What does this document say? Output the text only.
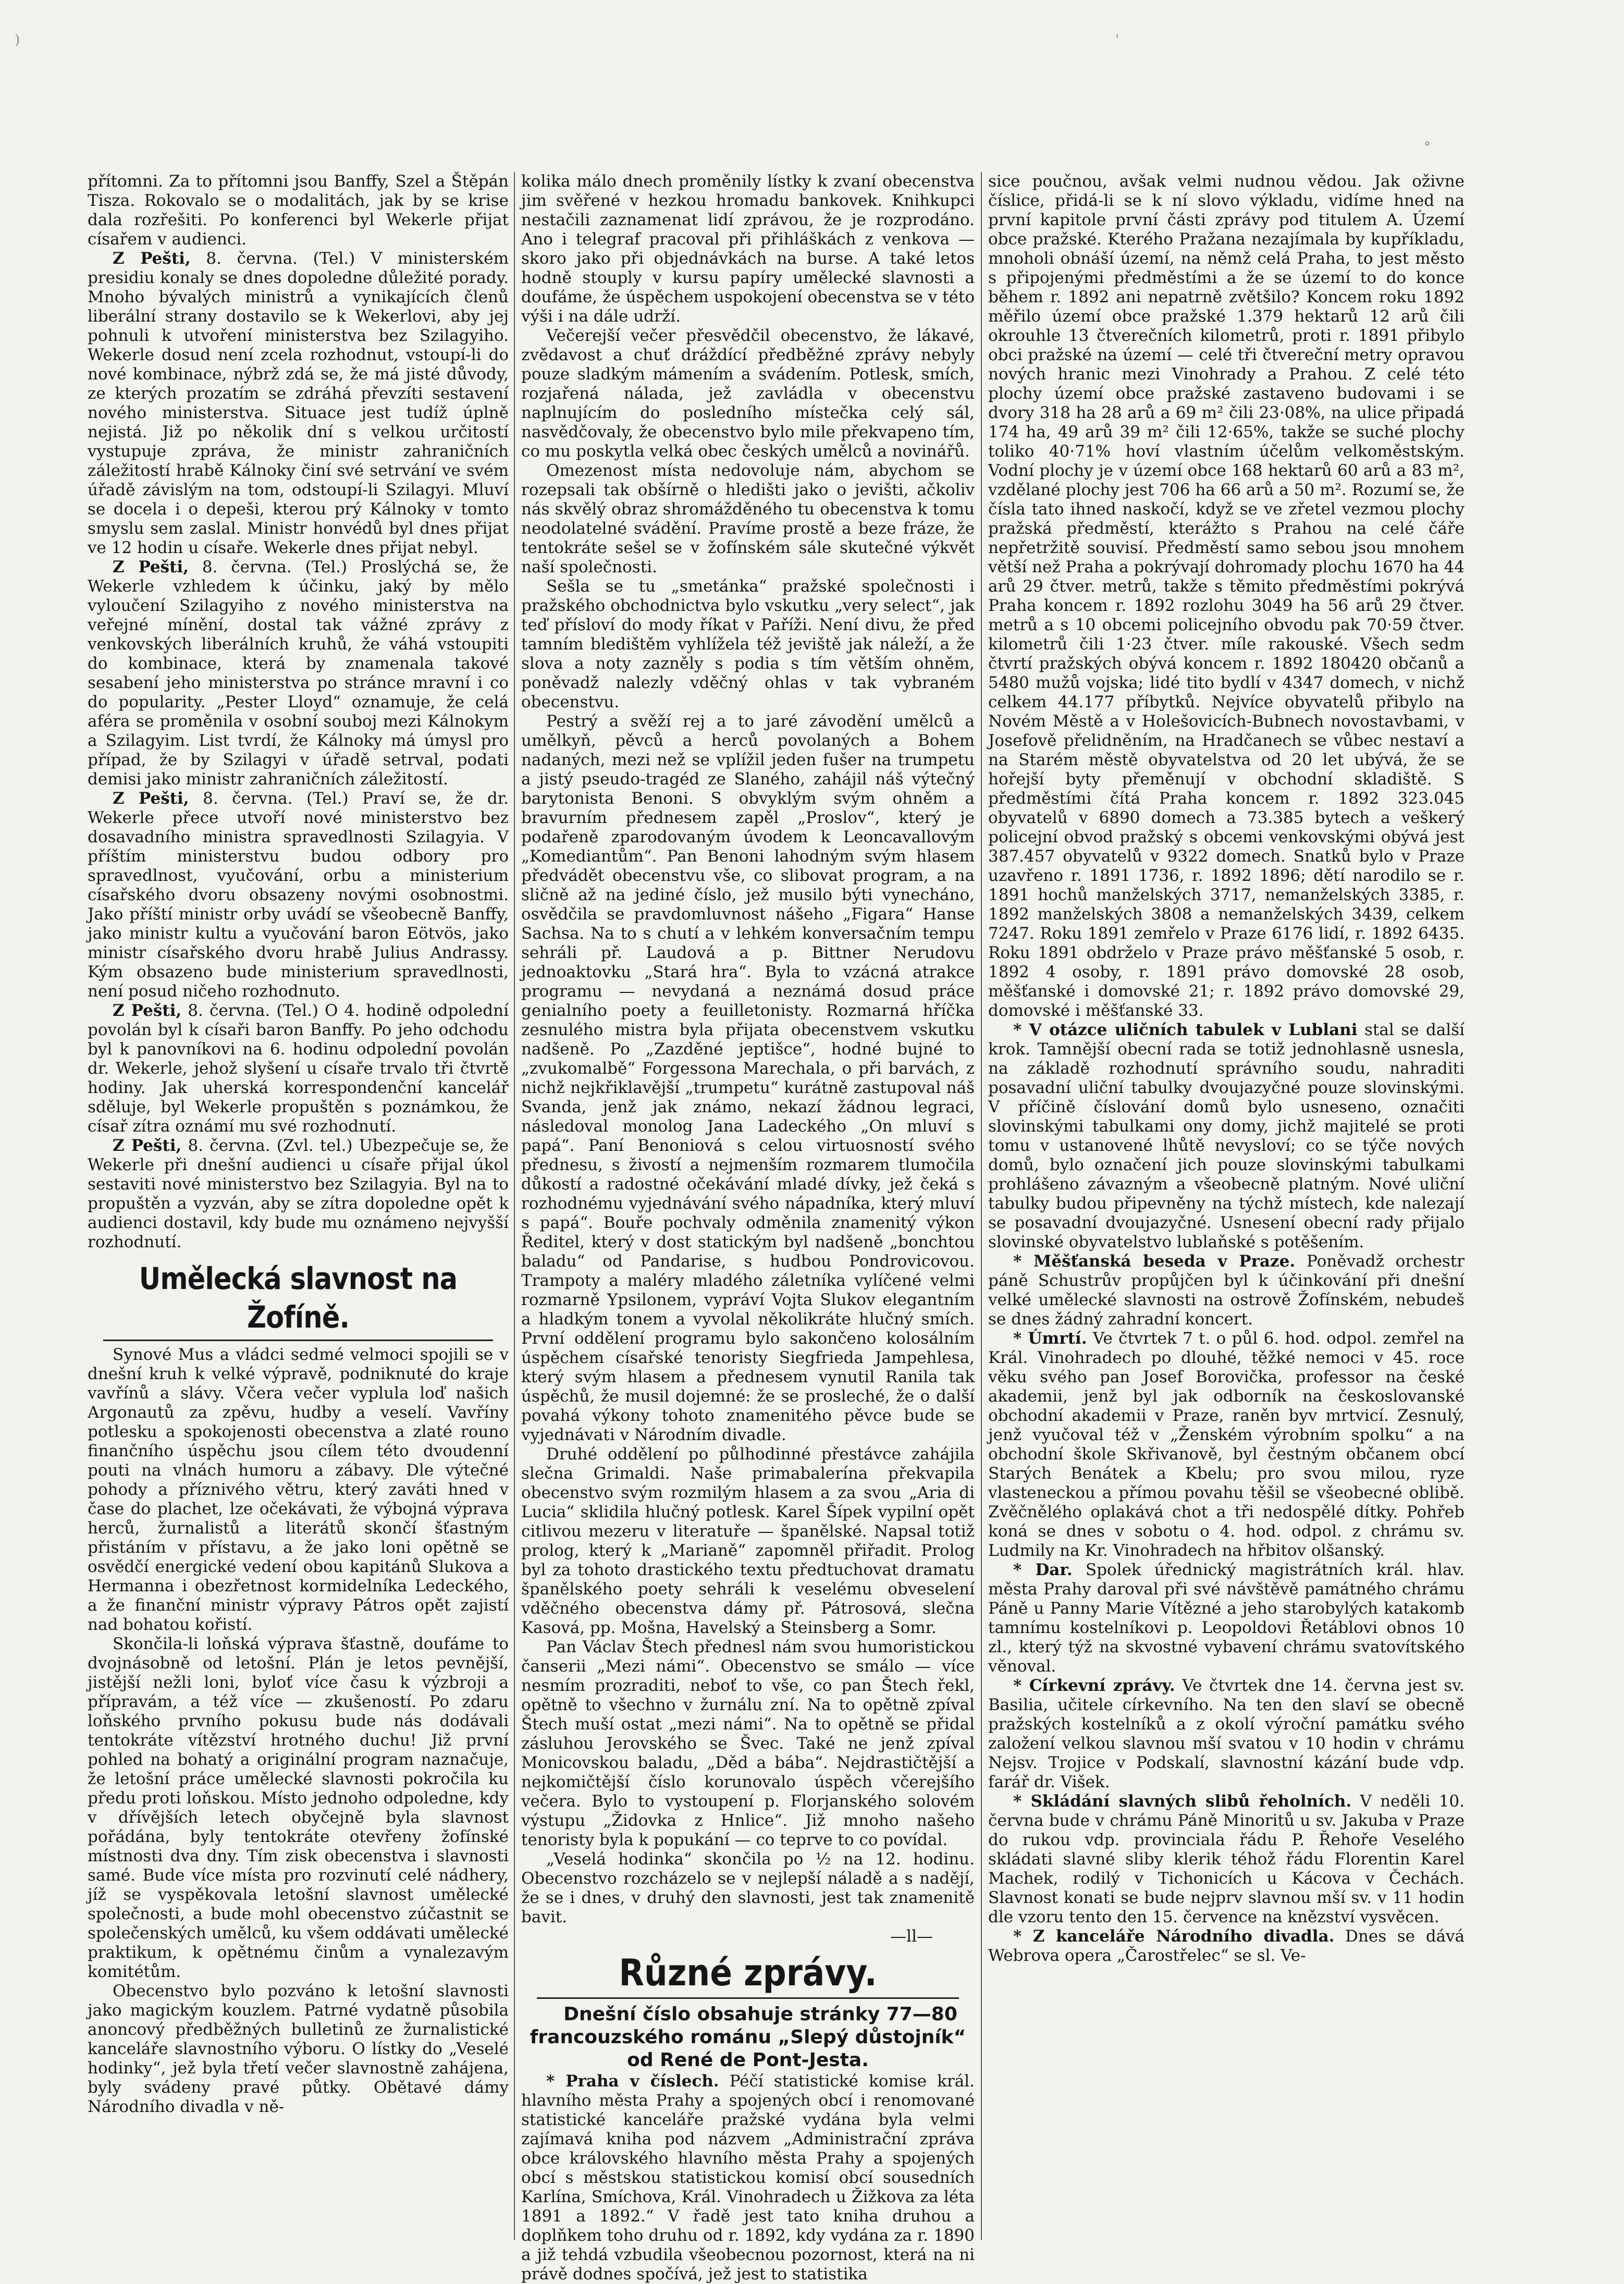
)	'
°

přítomni. Za to přítomni jsou Banffy, Szel a Štěpán Tisza. Rokovalo se o modalitách, jak by se krise dala rozřešiti. Po konferenci byl Wekerle přijat císařem v audienci.

Z Pešti, 8. června. (Tel.) V ministerském presidiu konaly se dnes dopoledne důležité porady. Mnoho bývalých ministrů a vynikajících členů liberální strany dostavilo se k Wekerlovi, aby jej pohnuli k utvoření ministerstva bez Szilagyiho. Wekerle dosud není zcela rozhodnut, vstoupí-li do nové kombinace, nýbrž zdá se, že má jisté důvody, ze kterých prozatím se zdráhá převzíti sestavení nového ministerstva. Situace jest tudíž úplně nejistá. Již po několik dní s velkou určitostí vystupuje zpráva, že ministr zahraničních záležitostí hrabě Kálnoky činí své setrvání ve svém úřadě závislým na tom, odstoupí-li Szilagyi. Mluví se docela i o depeši, kterou prý Kálnoky v tomto smyslu sem zaslal. Ministr honvédů byl dnes přijat ve 12 hodin u císaře. Wekerle dnes přijat nebyl.

Z Pešti, 8. června. (Tel.) Proslýchá se, že Wekerle vzhledem k účinku, jaký by mělo vyloučení Szilagyiho z nového ministerstva na veřejné mínění, dostal tak vážné zprávy z venkovských liberálních kruhů, že váhá vstoupiti do kombinace, která by znamenala takové sesabení jeho ministerstva po stránce mravní i co do popularity. „Pester Lloyd“ oznamuje, že celá aféra se proměnila v osobní souboj mezi Kálnokym a Szilagyim. List tvrdí, že Kálnoky má úmysl pro případ, že by Szilagyi v úřadě setrval, podati demisi jako ministr zahraničních záležitostí.

Z Pešti, 8. června. (Tel.) Praví se, že dr. Wekerle přece utvoří nové ministerstvo bez dosavadního ministra spravedlnosti Szilagyia. V příštím ministerstvu budou odbory pro spravedlnost, vyučování, orbu a ministerium císařského dvoru obsazeny novými osobnostmi. Jako příští ministr orby uvádí se všeobecně Banffy, jako ministr kultu a vyučování baron Eötvös, jako ministr císařského dvoru hrabě Julius Andrassy. Kým obsazeno bude ministerium spravedlnosti, není posud ničeho rozhodnuto.

Z Pešti, 8. června. (Tel.) O 4. hodině odpolední povolán byl k císaři baron Banffy. Po jeho odchodu byl k panovníkovi na 6. hodinu odpolední povolán dr. Wekerle, jehož slyšení u císaře trvalo tři čtvrtě hodiny. Jak uherská korrespondenční kancelář sděluje, byl Wekerle propuštěn s poznámkou, že císař zítra oznámí mu své rozhodnutí.

Z Pešti, 8. června. (Zvl. tel.) Ubezpečuje se, že Wekerle při dnešní audienci u císaře přijal úkol sestaviti nové ministerstvo bez Szilagyia. Byl na to propuštěn a vyzván, aby se zítra dopoledne opět k audienci dostavil, kdy bude mu oznámeno nejvyšší rozhodnutí.

Umělecká slavnost na Žofíně.

Synové Mus a vládci sedmé velmoci spojili se v dnešní kruh k velké výpravě, podniknuté do kraje vavřínů a slávy. Včera večer vyplula loď našich Argonautů za zpěvu, hudby a veselí. Vavříny potlesku a spokojenosti obecenstva a zlaté rouno finančního úspěchu jsou cílem této dvoudenní pouti na vlnách humoru a zábavy. Dle výtečné pohody a příznivého větru, který zaváti hned v čase do plachet, lze očekávati, že výbojná výprava herců, žurnalistů a literátů skončí šťastným přistáním v přístavu, a že jako loni opětně se osvědčí energické vedení obou kapitánů Slukova a Hermanna i obezřetnost kormidelníka Ledeckého, a že finanční ministr výpravy Pátros opět zajistí nad bohatou kořistí.

Skončila-li loňská výprava šťastně, doufáme to dvojnásobně od letošní. Plán je letos pevnější, jistější nežli loni, byloť více času k výzbroji a přípravám, a též více — zkušeností. Po zdaru loňského prvního pokusu bude nás dodávali tentokráte vítězství hrotného duchu! Již první pohled na bohatý a originální program naznačuje, že letošní práce umělecké slavnosti pokročila ku předu proti loňskou. Místo jednoho odpoledne, kdy v dřívějších letech obyčejně byla slavnost pořádána, byly tentokráte otevřeny žofínské místnosti dva dny. Tím zisk obecenstva i slavnosti samé. Bude více místa pro rozvinutí celé nádhery, jíž se vyspěkovala letošní slavnost umělecké společnosti, a bude mohl obecenstvo zúčastnit se společenských umělců, ku všem oddávati umělecké praktikum, k opětnému činům a vynalezavým komitétům.

Obecenstvo bylo pozváno k letošní slavnosti jako magickým kouzlem. Patrné vydatně působila anoncový předběžných bulletinů ze žurnalistické kanceláře slavnostního výboru. O lístky do „Veselé hodinky“, jež byla třetí večer slavnostně zahájena, byly svádeny pravé půtky. Obětavé dámy Národního divadla v ně-

kolika málo dnech proměnily lístky k zvaní obecenstva jim svěřené v hezkou hromadu bankovek. Knihkupci nestačili zaznamenat lidí zprávou, že je rozprodáno. Ano i telegraf pracoval při přihláškách z venkova — skoro jako při objednávkách na burse. A také letos hodně stouply v kursu papíry umělecké slavnosti a doufáme, že úspěchem uspokojení obecenstva se v této výši i na dále udrží.

Večerejší večer přesvědčil obecenstvo, že lákavé, zvědavost a chuť dráždící předběžné zprávy nebyly pouze sladkým mámením a svádením. Potlesk, smích, rozjařená nálada, jež zavládla v obecenstvu naplnujícím do posledního místečka celý sál, nasvědčovaly, že obecenstvo bylo mile překvapeno tím, co mu poskytla velká obec českých umělců a novinářů.

Omezenost místa nedovoluje nám, abychom se rozepsali tak obšírně o hledišti jako o jevišti, ačkoliv nás skvělý obraz shromážděného tu obecenstva k tomu neodolatelné svádění. Pravíme prostě a beze fráze, že tentokráte sešel se v žofínském sále skutečné výkvět naší společnosti.

Sešla se tu „smetánka“ pražské společnosti i pražského obchodnictva bylo vskutku „very select“, jak teď přísloví do mody říkat v Paříži. Není divu, že před tamním bledištěm vyhlížela též jeviště jak náleží, a že slova a noty zazněly s podia s tím větším ohněm, poněvadž nalezly vděčný ohlas v tak vybraném obecenstvu.

Pestrý a svěží rej a to jaré závodění umělců a umělkyň, pěvců a herců povolaných a Bohem nadaných, mezi než se vplížil jeden fušer na trumpetu a jistý pseudo-tragéd ze Slaného, zahájil náš výtečný barytonista Benoni. S obvyklým svým ohněm a bravurním přednesem zapěl „Proslov“, který je podařeně zparodovaným úvodem k Leoncavallovým „Komediantům“. Pan Benoni lahodným svým hlasem předvádět obecenstvu vše, co slibovat program, a na sličně až na jediné číslo, jež musilo býti vynecháno, osvědčila se pravdomluvnost nášeho „Figara“ Hanse Sachsa. Na to s chutí a v lehkém konversačním tempu sehráli př. Laudová a p. Bittner Nerudovu jednoaktovku „Stará hra“. Byla to vzácná atrakce programu — nevydaná a neznámá dosud práce genialního poety a feuilletonisty. Rozmarná hříčka zesnulého mistra byla přijata obecenstvem vskutku nadšeně. Po „Zazděné jeptišce“, hodné bujné to „zvukomalbě“ Forgessona Marechala, o při barvách, z nichž nejkřiklavější „trumpetu“ kurátně zastupoval náš Svanda, jenž jak známo, nekazí žádnou legraci, následoval monolog Jana Ladeckého „On mluví s papá“. Paní Benoniová s celou virtuosností svého přednesu, s živostí a nejmenším rozmarem tlumočila důkostí a radostné očekávání mladé dívky, jež čeká s rozhodnému vyjednávání svého nápadníka, který mluví s papá“. Bouře pochvaly odměnila znamenitý výkon Ředitel, který v dost statickým byl nadšeně „bonchtou baladu“ od Pandarise, s hudbou Pondrovicovou. Trampoty a maléry mladého záletníka vylíčené velmi rozmarně Ypsilonem, vypráví Vojta Slukov elegantním a hladkým tonem a vyvolal několikráte hlučný smích. První oddělení programu bylo sakončeno kolosálním úspěchem císařské tenoristy Siegfrieda Jampehlesa, který svým hlasem a přednesem vynutil Ranila tak úspěchů, že musil dojemné: že se prosleché, že o další povahá výkony tohoto znamenitého pěvce bude se vyjednávati v Národním divadle.

Druhé oddělení po půlhodinné přestávce zahájila slečna Grimaldi. Naše primabalerína překvapila obecenstvo svým rozmilým hlasem a za svou „Aria di Lucia“ sklidila hlučný potlesk. Karel Šípek vypilní opět citlivou mezeru v literatuře — španělské. Napsal totiž prolog, který k „Marianě“ zapomněl přiřadit. Prolog byl za tohoto drastického textu předtuchovat dramatu španělského poety sehráli k veselému obveselení vděčného obecenstva dámy př. Pátrosová, slečna Kasová, pp. Mošna, Havelský a Steinsberg a Somr.

Pan Václav Štech přednesl nám svou humoristickou čanserii „Mezi námi“. Obecenstvo se smálo — více nesmím prozraditi, neboť to vše, co pan Štech řekl, opětně to všechno v žurnálu zní. Na to opětně zpíval Štech muší ostat „mezi námi“. Na to opětně se přidal zásluhou Jerovského se Švec. Také ne jenž zpíval Monicovskou baladu, „Děd a bába“. Nejdrastičtější a nejkomičtější číslo korunovalo úspěch včerejšího večera. Bylo to vystoupení p. Florjanského solovém výstupu „Židovka z Hnlice“. Již mnoho našeho tenoristy byla k popukání — co teprve to co povídal.

„Veselá hodinka“ skončila po ½ na 12. hodinu. Obecenstvo rozcházelo se v nejlepší náladě a s nadějí, že se i dnes, v druhý den slavnosti, jest tak znamenitě bavit.

—ll—
Různé zprávy.

Dnešní číslo obsahuje stránky 77—80 francouzského románu „Slepý důstojník“ od René de Pont-Jesta.

* Praha v číslech. Péčí statistické komise král. hlavního města Prahy a spojených obcí i renomované statistické kanceláře pražské vydána byla velmi zajímavá kniha pod názvem „Administrační zpráva obce královského hlavního města Prahy a spojených obcí s městskou statistickou komisí obcí sousedních Karlína, Smíchova, Král. Vinohradech u Žižkova za léta 1891 a 1892.“ V řadě jest tato kniha druhou a doplňkem toho druhu od r. 1892, kdy vydána za r. 1890 a již tehdá vzbudila všeobecnou pozornost, která na ni právě dodnes spočívá, jež jest to statistika

sice poučnou, avšak velmi nudnou vědou. Jak oživne číslice, přidá-li se k ní slovo výkladu, vidíme hned na první kapitole první části zprávy pod titulem A. Území obce pražské. Kterého Pražana nezajímala by kupříkladu, mnoholi obnáší území, na němž celá Praha, to jest město s připojenými předměstími a že se území to do konce během r. 1892 ani nepatrně zvětšilo? Koncem roku 1892 měřilo území obce pražské 1.379 hektarů 12 arů čili okrouhle 13 čtverečních kilometrů, proti r. 1891 přibylo obci pražské na území — celé tři čtvereční metry opravou nových hranic mezi Vinohrady a Prahou. Z celé této plochy území obce pražské zastaveno budovami i se dvory 318 ha 28 arů a 69 m² čili 23·08%, na ulice připadá 174 ha, 49 arů 39 m² čili 12·65%, takže se suché plochy toliko 40·71% hoví vlastním účelům velkoměstským. Vodní plochy je v území obce 168 hektarů 60 arů a 83 m², vzdělané plochy jest 706 ha 66 arů a 50 m². Rozumí se, že čísla tato ihned naskočí, když se ve zřetel vezmou plochy pražská předměstí, kterážto s Prahou na celé čáře nepřetržitě souvisí. Předměstí samo sebou jsou mnohem větší než Praha a pokrývají dohromady plochu 1670 ha 44 arů 29 čtver. metrů, takže s těmito předměstími pokrývá Praha koncem r. 1892 rozlohu 3049 ha 56 arů 29 čtver. metrů a s 10 obcemi policejního obvodu pak 70·59 čtver. kilometrů čili 1·23 čtver. míle rakouské. Všech sedm čtvrtí pražských obývá koncem r. 1892 180420 občanů a 5480 mužů vojska; lidé tito bydlí v 4347 domech, v nichž celkem 44.177 příbytků. Nejvíce obyvatelů přibylo na Novém Městě a v Holešovicích-Bubnech novostavbami, v Josefově přelidněním, na Hradčanech se vůbec nestaví a na Starém městě obyvatelstva od 20 let ubývá, že se hořejší byty přeměnují v obchodní skladiště. S předměstími čítá Praha koncem r. 1892 323.045 obyvatelů v 6890 domech a 73.385 bytech a veškerý policejní obvod pražský s obcemi venkovskými obývá jest 387.457 obyvatelů v 9322 domech. Snatků bylo v Praze uzavřeno r. 1891 1736, r. 1892 1896; dětí narodilo se r. 1891 hochů manželských 3717, nemanželských 3385, r. 1892 manželských 3808 a nemanželských 3439, celkem 7247. Roku 1891 zemřelo v Praze 6176 lidí, r. 1892 6435. Roku 1891 obdrželo v Praze právo měšťanské 5 osob, r. 1892 4 osoby, r. 1891 právo domovské 28 osob, měšťanské i domovské 21; r. 1892 právo domovské 29, domovské i měšťanské 33.

* V otázce uličních tabulek v Lublani stal se další krok. Tamnější obecní rada se totiž jednohlasně usnesla, na základě rozhodnutí správního soudu, nahraditi posavadní uliční tabulky dvoujazyčné pouze slovinskými. V příčině číslování domů bylo usneseno, označiti slovinskými tabulkami ony domy, jichž majitelé se proti tomu v ustanovené lhůtě nevysloví; co se týče nových domů, bylo označení jich pouze slovinskými tabulkami prohlášeno závazným a všeobecně platným. Nové uliční tabulky budou připevněny na týchž místech, kde nalezají se posavadní dvoujazyčné. Usnesení obecní rady přijalo slovinské obyvatelstvo lublaňské s potěšením.

* Měšťanská beseda v Praze. Poněvadž orchestr páně Schustrův propůjčen byl k účinkování při dnešní velké umělecké slavnosti na ostrově Žofínském, nebudeš se dnes žádný zahradní koncert.

* Úmrtí. Ve čtvrtek 7 t. o půl 6. hod. odpol. zemřel na Král. Vinohradech po dlouhé, těžké nemoci v 45. roce věku svého pan Josef Borovička, professor na české akademii, jenž byl jak odborník na českoslovanské obchodní akademii v Praze, raněn byv mrtvicí. Zesnulý, jenž vyučoval též v „Ženském výrobním spolku“ a na obchodní škole Skřivanově, byl čestným občanem obcí Starých Benátek a Kbelu; pro svou milou, ryze vlasteneckou a přímou povahu těšil se všeobecné oblibě. Zvěčnělého oplakává chot a tři nedospělé dítky. Pohřeb koná se dnes v sobotu o 4. hod. odpol. z chrámu sv. Ludmily na Kr. Vinohradech na hřbitov olšanský.

* Dar. Spolek úřednický magistrátních král. hlav. města Prahy daroval při své návštěvě památného chrámu Páně u Panny Marie Vítězné a jeho starobylých katakomb tamnímu kostelníkovi p. Leopoldovi Řetáblovi obnos 10 zl., který týž na skvostné vybavení chrámu svatovítského věnoval.

* Církevní zprávy. Ve čtvrtek dne 14. června jest sv. Basilia, učitele církevního. Na ten den slaví se obecně pražských kostelníků a z okolí výroční památku svého založení velkou slavnou mší svatou v 10 hodin v chrámu Nejsv. Trojice v Podskalí, slavnostní kázání bude vdp. farář dr. Višek.

* Skládání slavných slibů řeholních. V neděli 10. června bude v chrámu Páně Minoritů u sv. Jakuba v Praze do rukou vdp. provinciala řádu P. Řehoře Veselého skládati slavné sliby klerik téhož řádu Florentin Karel Machek, rodilý v Tichonicích u Kácova v Čechách. Slavnost konati se bude nejprv slavnou mší sv. v 11 hodin dle vzoru tento den 15. července na knězství vysvěcen.

* Z kanceláře Národního divadla. Dnes se dává Webrova opera „Čarostřelec“ se sl. Ve-
